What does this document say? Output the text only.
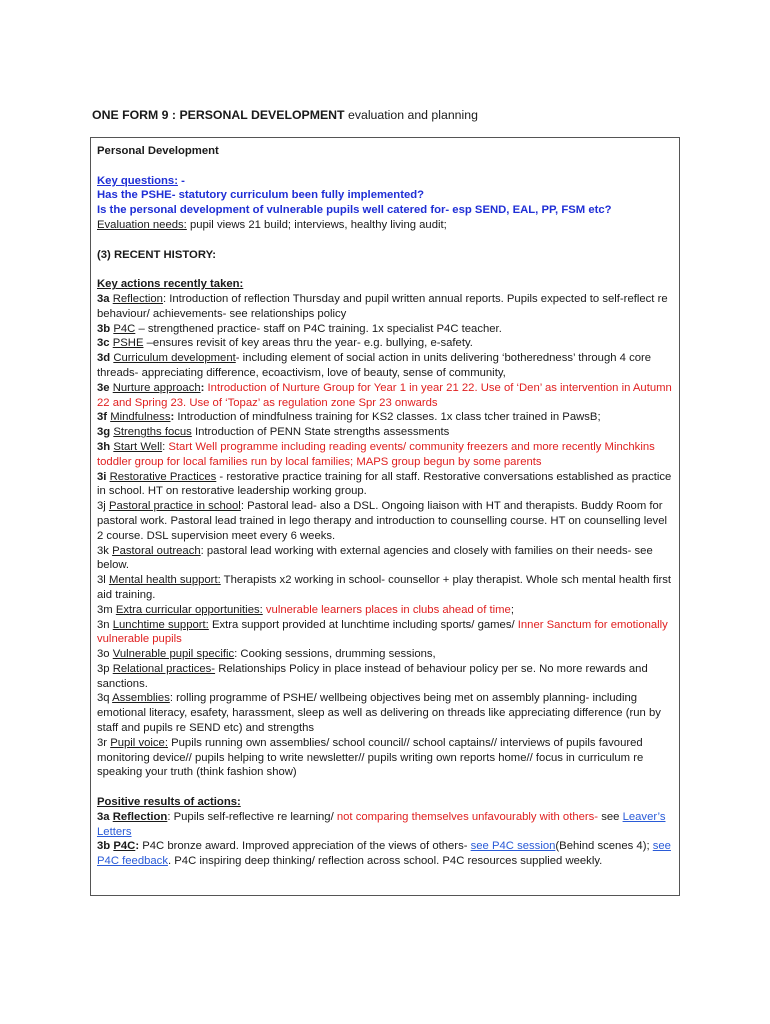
ONE FORM 9 : PERSONAL DEVELOPMENT evaluation and planning

Personal Development

Key questions: -

Has the PSHE- statutory curriculum been fully implemented?

Is the personal development of vulnerable pupils well catered for- esp SEND, EAL, PP, FSM etc?

Evaluation needs: pupil views 21 build; interviews, healthy living audit;

(3) RECENT HISTORY:

Key actions recently taken:

3a Reflection: Introduction of reflection Thursday and pupil written annual reports. Pupils expected to self-reflect re behaviour/ achievements- see relationships policy

3b P4C – strengthened practice- staff on P4C training. 1x specialist P4C teacher.

3c PSHE –ensures revisit of key areas thru the year- e.g. bullying, e-safety.

3d Curriculum development- including element of social action in units delivering ‘botheredness’ through 4 core threads- appreciating difference, ecoactivism, love of beauty, sense of community,

3e Nurture approach: Introduction of Nurture Group for Year 1 in year 21 22. Use of ‘Den’ as intervention in Autumn 22 and Spring 23. Use of ‘Topaz’ as regulation zone Spr 23 onwards

3f Mindfulness: Introduction of mindfulness training for KS2 classes. 1x class tcher trained in PawsB;

3g Strengths focus Introduction of PENN State strengths assessments

3h Start Well: Start Well programme including reading events/ community freezers and more recently Minchkins toddler group for local families run by local families; MAPS group begun by some parents

3i Restorative Practices - restorative practice training for all staff. Restorative conversations established as practice in school. HT on restorative leadership working group.

3j Pastoral practice in school: Pastoral lead- also a DSL. Ongoing liaison with HT and therapists. Buddy Room for pastoral work. Pastoral lead trained in lego therapy and introduction to counselling course. HT on counselling level 2 course. DSL supervision meet every 6 weeks.

3k Pastoral outreach: pastoral lead working with external agencies and closely with families on their needs- see below.

3l Mental health support: Therapists x2 working in school- counsellor + play therapist. Whole sch mental health first aid training.

3m Extra curricular opportunities: vulnerable learners places in clubs ahead of time;

3n Lunchtime support: Extra support provided at lunchtime including sports/ games/ Inner Sanctum for emotionally vulnerable pupils

3o Vulnerable pupil specific: Cooking sessions, drumming sessions,

3p Relational practices- Relationships Policy in place instead of behaviour policy per se. No more rewards and sanctions.

3q Assemblies: rolling programme of PSHE/ wellbeing objectives being met on assembly planning- including emotional literacy, esafety, harassment, sleep as well as delivering on threads like appreciating difference (run by staff and pupils re SEND etc) and strengths

3r Pupil voice: Pupils running own assemblies/ school council// school captains// interviews of pupils favoured monitoring device// pupils helping to write newsletter// pupils writing own reports home// focus in curriculum re speaking your truth (think fashion show)

Positive results of actions:

3a Reflection: Pupils self-reflective re learning/ not comparing themselves unfavourably with others- see Leaver’s Letters

3b P4C: P4C bronze award. Improved appreciation of the views of others- see P4C session(Behind scenes 4); see P4C feedback. P4C inspiring deep thinking/ reflection across school. P4C resources supplied weekly.
